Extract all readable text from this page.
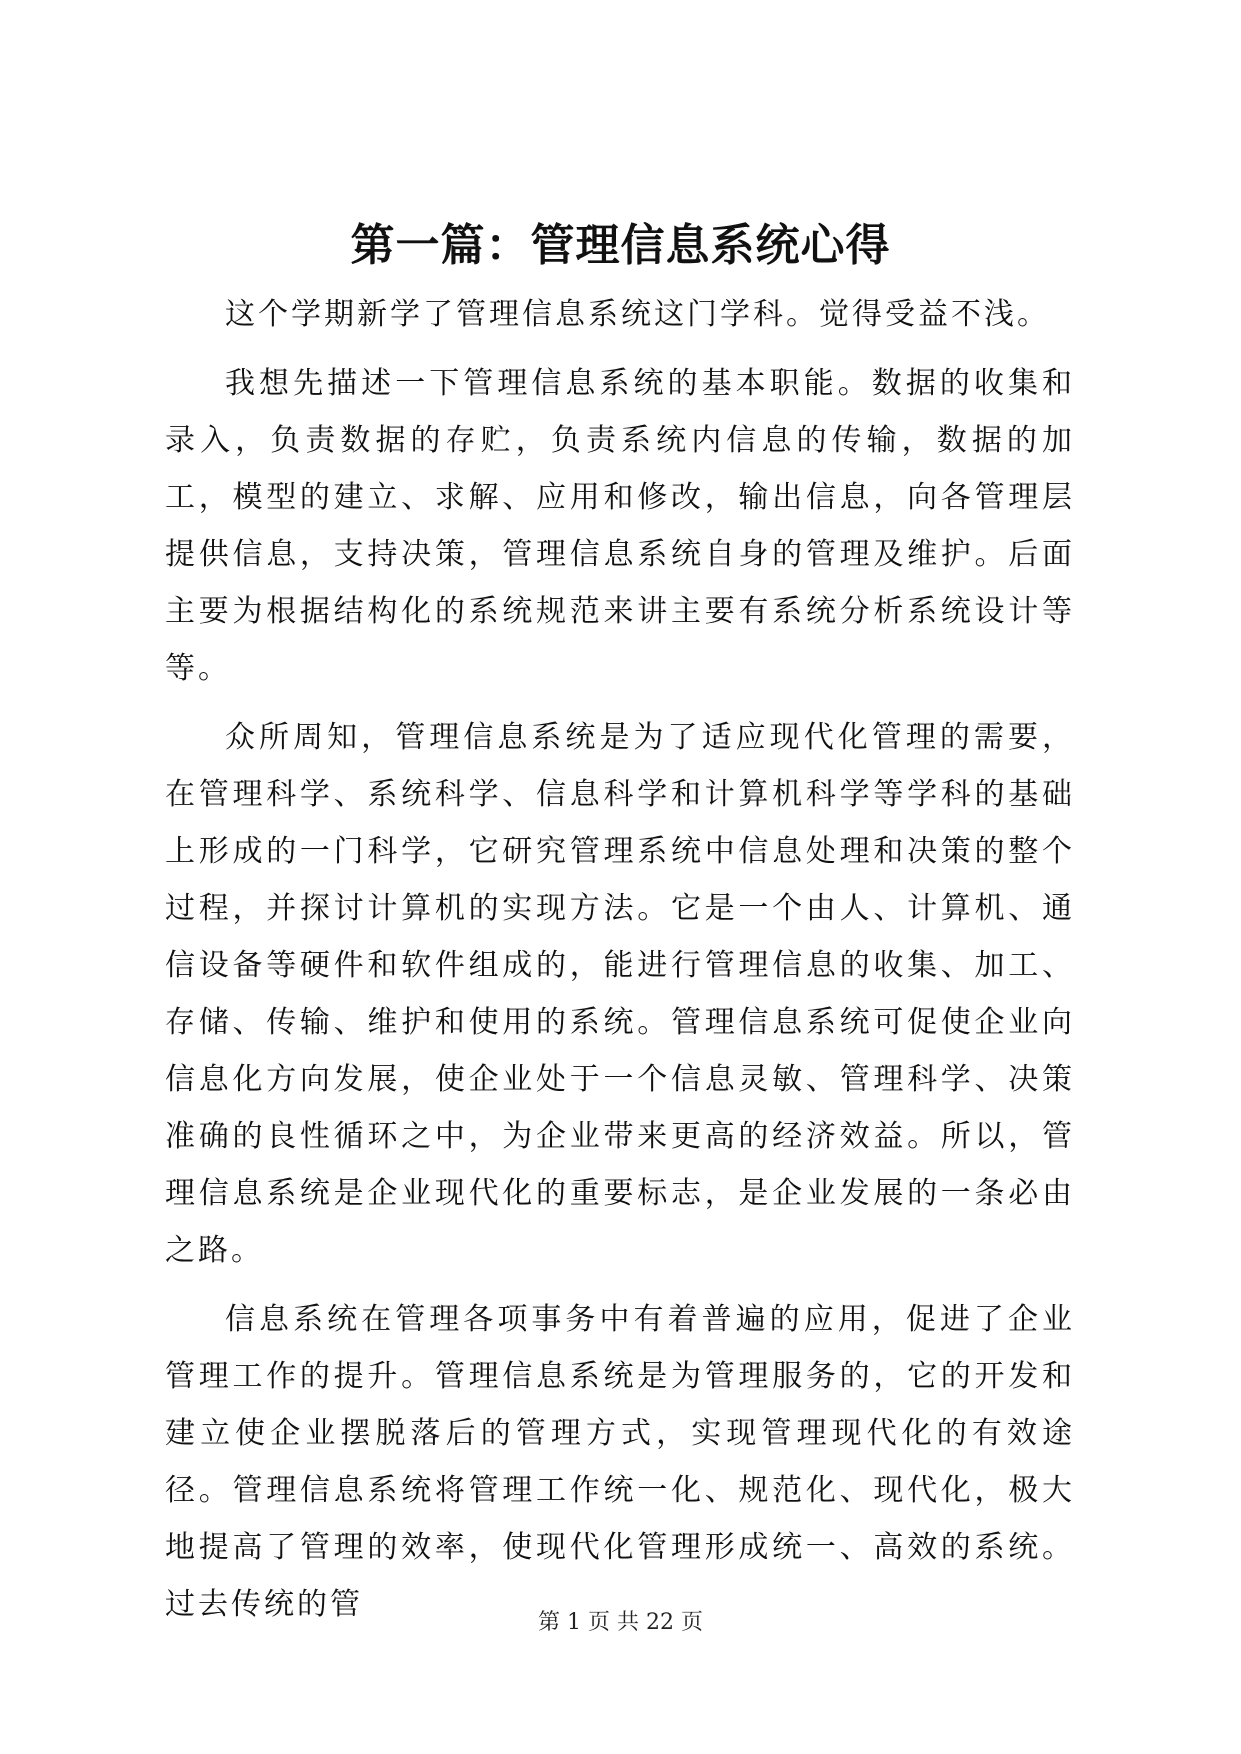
第一篇：管理信息系统心得

这个学期新学了管理信息系统这门学科。觉得受益不浅。

我想先描述一下管理信息系统的基本职能。数据的收集和录入，负责数据的存贮，负责系统内信息的传输，数据的加工，模型的建立、求解、应用和修改，输出信息，向各管理层提供信息，支持决策，管理信息系统自身的管理及维护。后面主要为根据结构化的系统规范来讲主要有系统分析系统设计等等。

众所周知，管理信息系统是为了适应现代化管理的需要，在管理科学、系统科学、信息科学和计算机科学等学科的基础上形成的一门科学，它研究管理系统中信息处理和决策的整个过程，并探讨计算机的实现方法。它是一个由人、计算机、通信设备等硬件和软件组成的，能进行管理信息的收集、加工、存储、传输、维护和使用的系统。管理信息系统可促使企业向信息化方向发展，使企业处于一个信息灵敏、管理科学、决策准确的良性循环之中，为企业带来更高的经济效益。所以，管理信息系统是企业现代化的重要标志，是企业发展的一条必由之路。

信息系统在管理各项事务中有着普遍的应用，促进了企业管理工作的提升。管理信息系统是为管理服务的，它的开发和建立使企业摆脱落后的管理方式，实现管理现代化的有效途径。管理信息系统将管理工作统一化、规范化、现代化，极大地提高了管理的效率，使现代化管理形成统一、高效的系统。过去传统的管

第 1 页 共 22 页
